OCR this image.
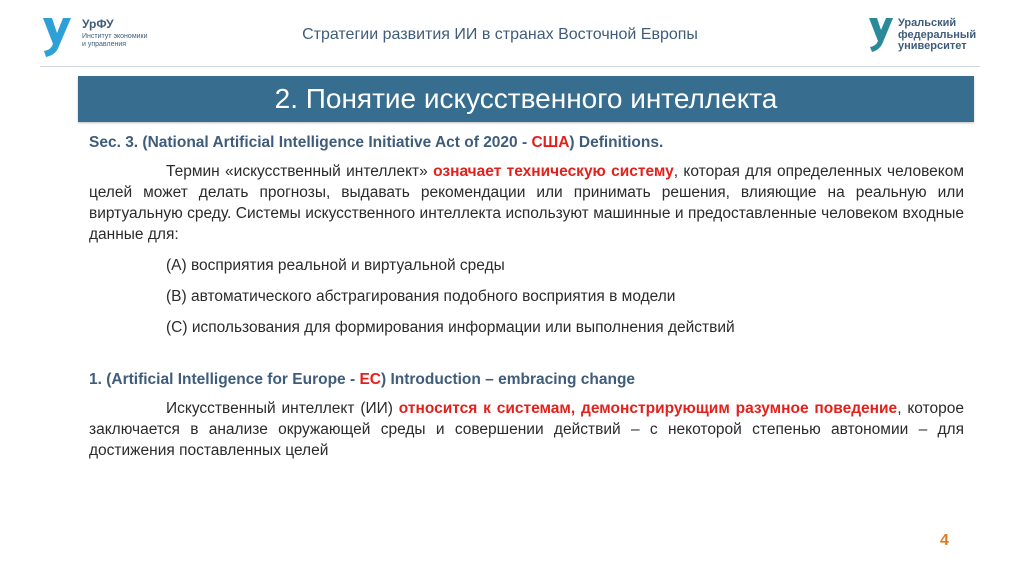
УрФУ
Институт экономики и управления
Стратегии развития ИИ в странах Восточной Европы
Уральский
федеральный
университет
2. Понятие искусственного интеллекта

Sec. 3. (National Artificial Intelligence Initiative Act of 2020 - США) Definitions.

Термин «искусственный интеллект» означает техническую систему, которая для определенных человеком целей может делать прогнозы, выдавать рекомендации или принимать решения, влияющие на реальную или виртуальную среду. Системы искусственного интеллекта используют машинные и предоставленные человеком входные данные для:

(A) восприятия реальной и виртуальной среды

(B) автоматического абстрагирования подобного восприятия в модели

(C) использования для формирования информации или выполнения действий

1. (Artificial Intelligence for Europe - ЕС) Introduction – embracing change

Искусственный интеллект (ИИ) относится к системам, демонстрирующим разумное поведение, которое заключается в анализе окружающей среды и совершении действий – с некоторой степенью автономии – для достижения поставленных целей

4
